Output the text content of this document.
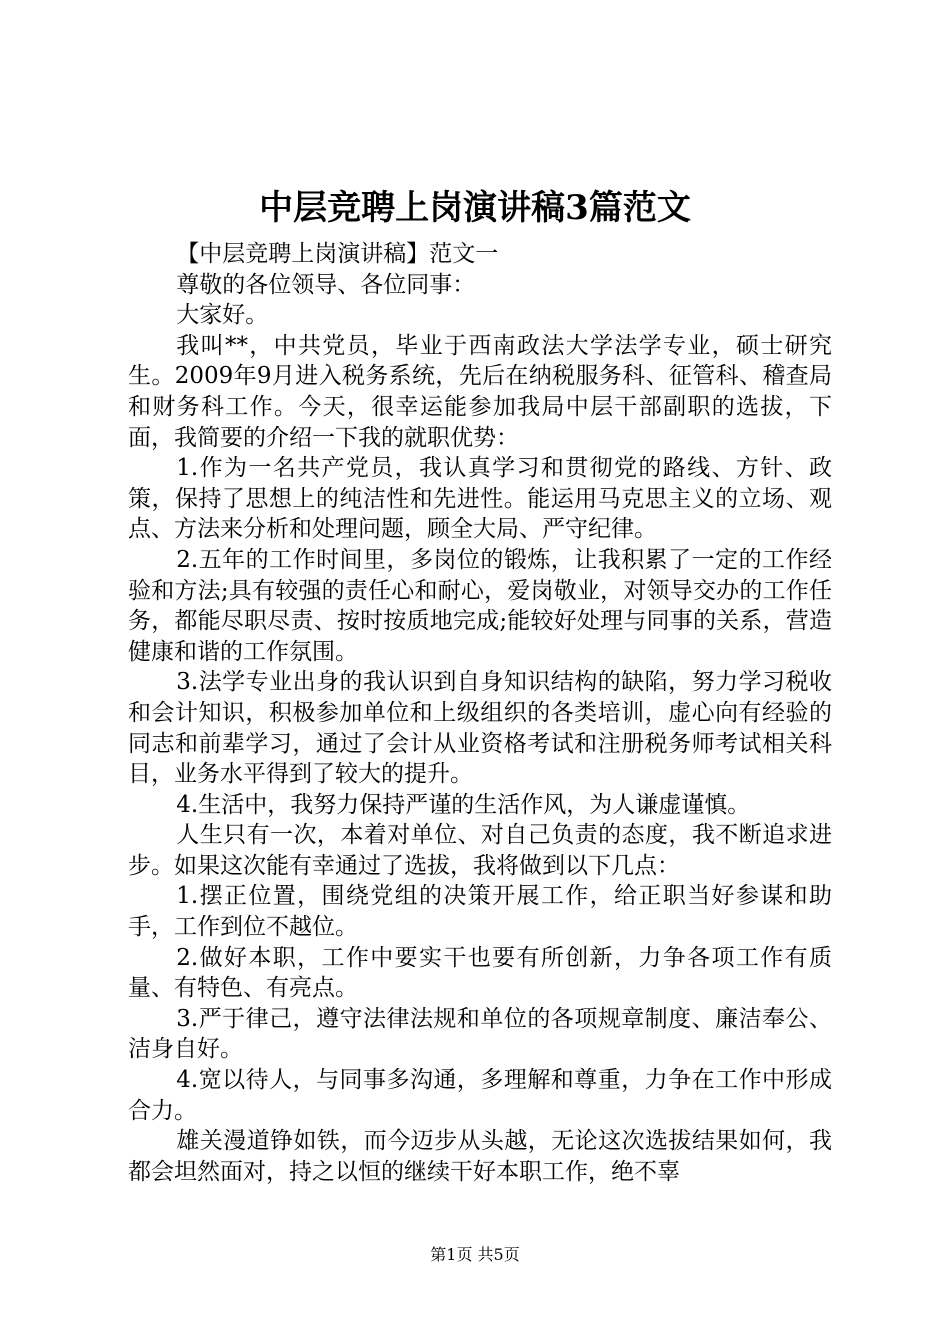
中层竞聘上岗演讲稿3篇范文

【中层竞聘上岗演讲稿】范文一

尊敬的各位领导、各位同事：

大家好。

我叫**，中共党员，毕业于西南政法大学法学专业，硕士研究生。2009年9月进入税务系统，先后在纳税服务科、征管科、稽查局和财务科工作。今天，很幸运能参加我局中层干部副职的选拔，下面，我简要的介绍一下我的就职优势：

1.作为一名共产党员，我认真学习和贯彻党的路线、方针、政策，保持了思想上的纯洁性和先进性。能运用马克思主义的立场、观点、方法来分析和处理问题，顾全大局、严守纪律。

2.五年的工作时间里，多岗位的锻炼，让我积累了一定的工作经验和方法;具有较强的责任心和耐心，爱岗敬业，对领导交办的工作任务，都能尽职尽责、按时按质地完成;能较好处理与同事的关系，营造健康和谐的工作氛围。

3.法学专业出身的我认识到自身知识结构的缺陷，努力学习税收和会计知识，积极参加单位和上级组织的各类培训，虚心向有经验的同志和前辈学习，通过了会计从业资格考试和注册税务师考试相关科目，业务水平得到了较大的提升。

4.生活中，我努力保持严谨的生活作风，为人谦虚谨慎。

人生只有一次，本着对单位、对自己负责的态度，我不断追求进步。如果这次能有幸通过了选拔，我将做到以下几点：

1.摆正位置，围绕党组的决策开展工作，给正职当好参谋和助手，工作到位不越位。

2.做好本职，工作中要实干也要有所创新，力争各项工作有质量、有特色、有亮点。

3.严于律己，遵守法律法规和单位的各项规章制度、廉洁奉公、洁身自好。

4.宽以待人，与同事多沟通，多理解和尊重，力争在工作中形成合力。

雄关漫道铮如铁，而今迈步从头越，无论这次选拔结果如何，我都会坦然面对，持之以恒的继续干好本职工作，绝不辜

第1页 共5页
